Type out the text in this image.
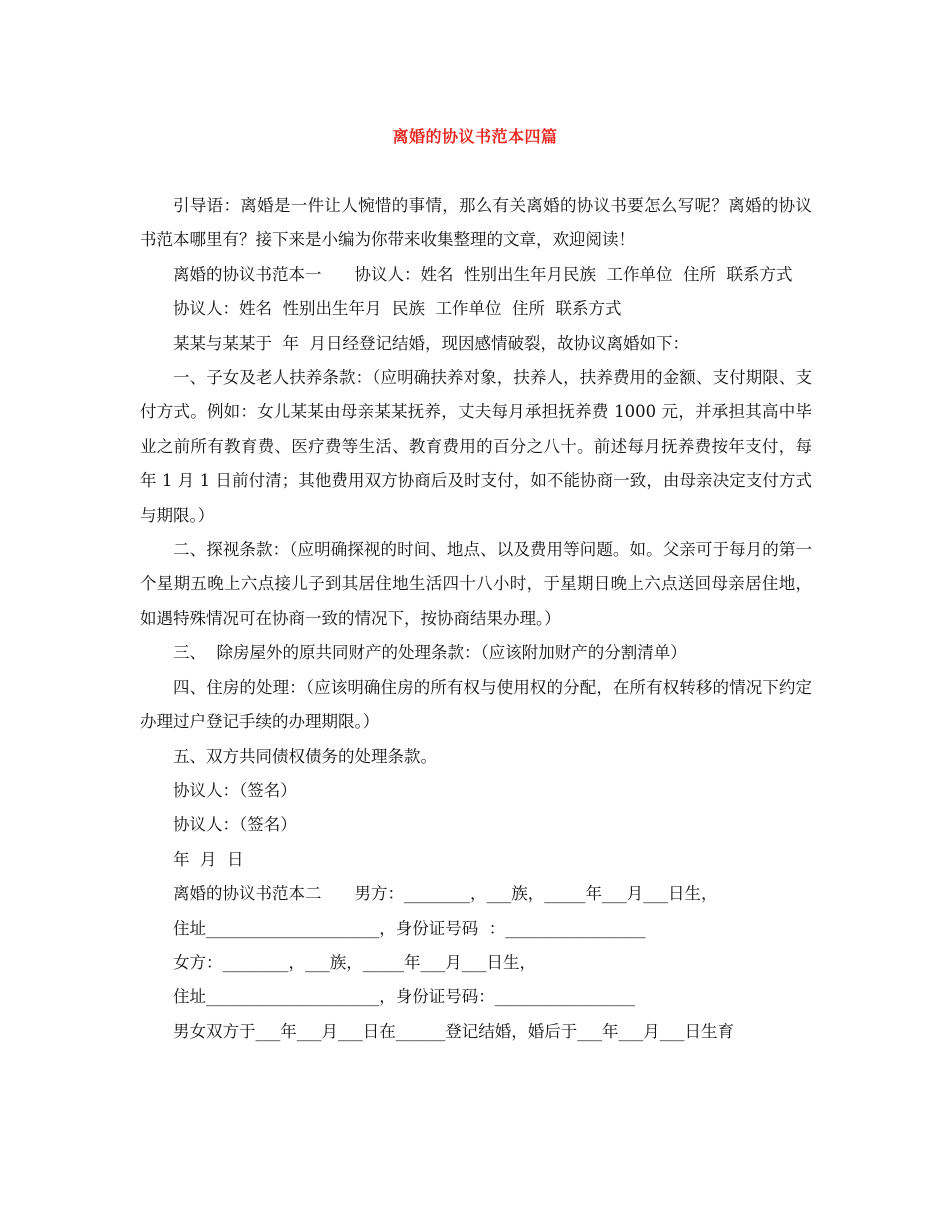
离婚的协议书范本四篇

引导语：离婚是一件让人惋惜的事情，那么有关离婚的协议书要怎么写呢？离婚的协议书范本哪里有？接下来是小编为你带来收集整理的文章，欢迎阅读！

离婚的协议书范本一　　协议人：姓名  性别出生年月民族  工作单位  住所  联系方式

协议人：姓名  性别出生年月  民族  工作单位  住所  联系方式

某某与某某于  年  月日经登记结婚，现因感情破裂，故协议离婚如下：

一、子女及老人扶养条款：（应明确扶养对象，扶养人，扶养费用的金额、支付期限、支付方式。例如：女儿某某由母亲某某抚养，丈夫每月承担抚养费 1000 元，并承担其高中毕业之前所有教育费、医疗费等生活、教育费用的百分之八十。前述每月抚养费按年支付，每年 1 月 1 日前付清；其他费用双方协商后及时支付，如不能协商一致，由母亲决定支付方式与期限。）

二、探视条款：（应明确探视的时间、地点、以及费用等问题。如。父亲可于每月的第一个星期五晚上六点接儿子到其居住地生活四十八小时，于星期日晚上六点送回母亲居住地，如遇特殊情况可在协商一致的情况下，按协商结果办理。）

三、  除房屋外的原共同财产的处理条款：（应该附加财产的分割清单）

四、住房的处理：（应该明确住房的所有权与使用权的分配，在所有权转移的情况下约定办理过户登记手续的办理期限。）

五、双方共同债权债务的处理条款。

协议人：（签名）

协议人：（签名）

年  月  日

离婚的协议书范本二　　男方：________，___族，_____年___月___日生，

住址_____________________，身份证号码  ：_________________

女方：________，___族，_____年___月___日生，

住址_____________________，身份证号码：_________________

男女双方于___年___月___日在______登记结婚，婚后于___年___月___日生育
